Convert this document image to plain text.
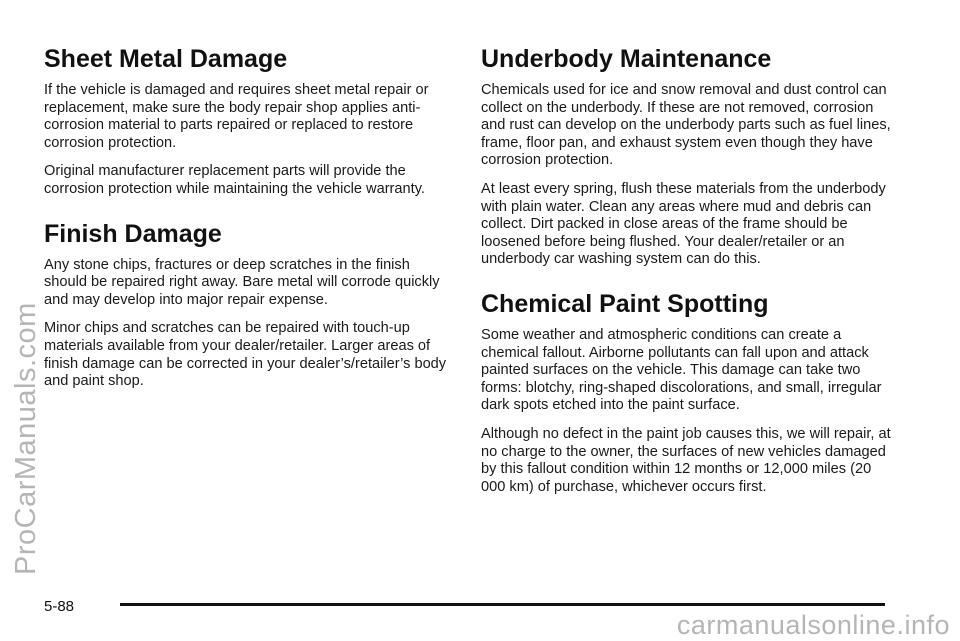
Sheet Metal Damage

If the vehicle is damaged and requires sheet metal repair or replacement, make sure the body repair shop applies anti-corrosion material to parts repaired or replaced to restore corrosion protection.

Original manufacturer replacement parts will provide the corrosion protection while maintaining the vehicle warranty.

Finish Damage

Any stone chips, fractures or deep scratches in the finish should be repaired right away. Bare metal will corrode quickly and may develop into major repair expense.

Minor chips and scratches can be repaired with touch-up materials available from your dealer/retailer. Larger areas of finish damage can be corrected in your dealer’s/retailer’s body and paint shop.

Underbody Maintenance

Chemicals used for ice and snow removal and dust control can collect on the underbody. If these are not removed, corrosion and rust can develop on the underbody parts such as fuel lines, frame, floor pan, and exhaust system even though they have corrosion protection.

At least every spring, flush these materials from the underbody with plain water. Clean any areas where mud and debris can collect. Dirt packed in close areas of the frame should be loosened before being flushed. Your dealer/retailer or an underbody car washing system can do this.

Chemical Paint Spotting

Some weather and atmospheric conditions can create a chemical fallout. Airborne pollutants can fall upon and attack painted surfaces on the vehicle. This damage can take two forms: blotchy, ring-shaped discolorations, and small, irregular dark spots etched into the paint surface.

Although no defect in the paint job causes this, we will repair, at no charge to the owner, the surfaces of new vehicles damaged by this fallout condition within 12 months or 12,000 miles (20 000 km) of purchase, whichever occurs first.

5-88
ProCarManuals.com
carmanualsonline.info
